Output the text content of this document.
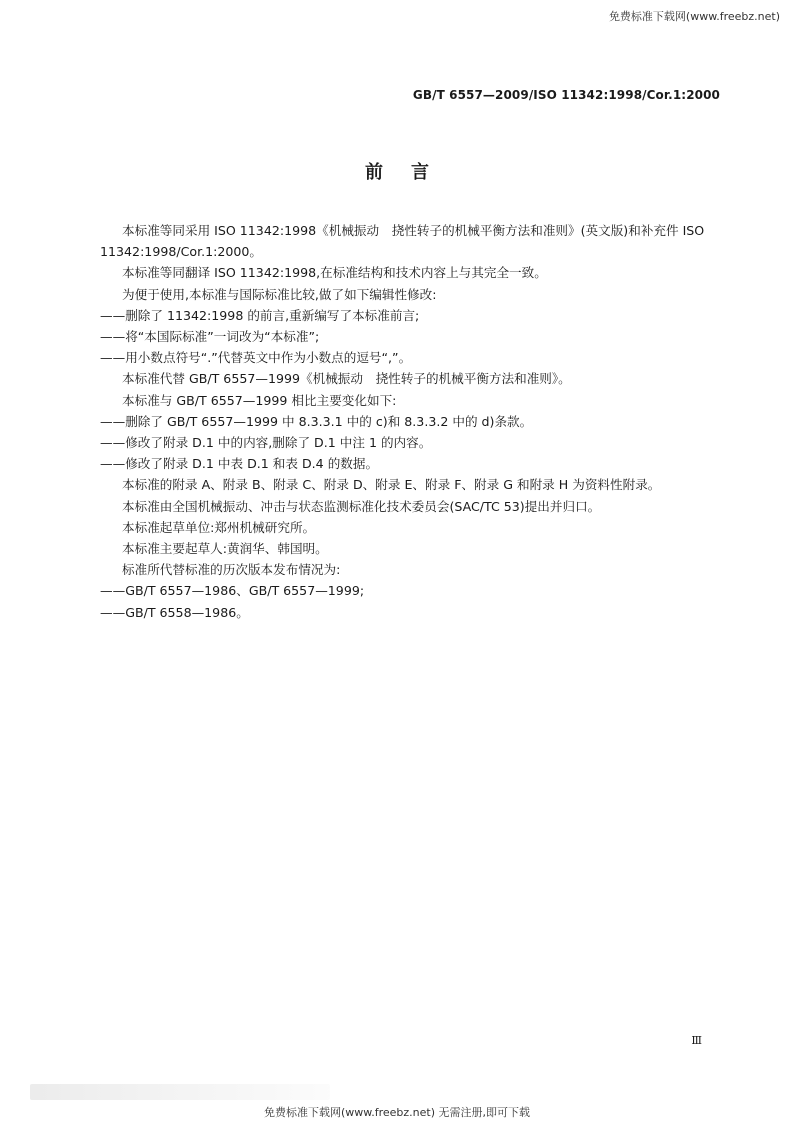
免费标准下载网(www.freebz.net)
GB/T 6557—2009/ISO 11342:1998/Cor.1:2000
前言

本标准等同采用 ISO 11342:1998《机械振动　挠性转子的机械平衡方法和准则》(英文版)和补充件 ISO 11342:1998/Cor.1:2000。

本标准等同翻译 ISO 11342:1998,在标准结构和技术内容上与其完全一致。

为便于使用,本标准与国际标准比较,做了如下编辑性修改:

——删除了 11342:1998 的前言,重新编写了本标准前言;

——将“本国际标准”一词改为“本标准”;

——用小数点符号“.”代替英文中作为小数点的逗号“,”。

本标准代替 GB/T 6557—1999《机械振动　挠性转子的机械平衡方法和准则》。

本标准与 GB/T 6557—1999 相比主要变化如下:

——删除了 GB/T 6557—1999 中 8.3.3.1 中的 c)和 8.3.3.2 中的 d)条款。

——修改了附录 D.1 中的内容,删除了 D.1 中注 1 的内容。

——修改了附录 D.1 中表 D.1 和表 D.4 的数据。

本标准的附录 A、附录 B、附录 C、附录 D、附录 E、附录 F、附录 G 和附录 H 为资料性附录。

本标准由全国机械振动、冲击与状态监测标准化技术委员会(SAC/TC 53)提出并归口。

本标准起草单位:郑州机械研究所。

本标准主要起草人:黄润华、韩国明。

标准所代替标准的历次版本发布情况为:

——GB/T 6557—1986、GB/T 6557—1999;

——GB/T 6558—1986。

Ⅲ
免费标准下载网(www.freebz.net) 无需注册,即可下载
